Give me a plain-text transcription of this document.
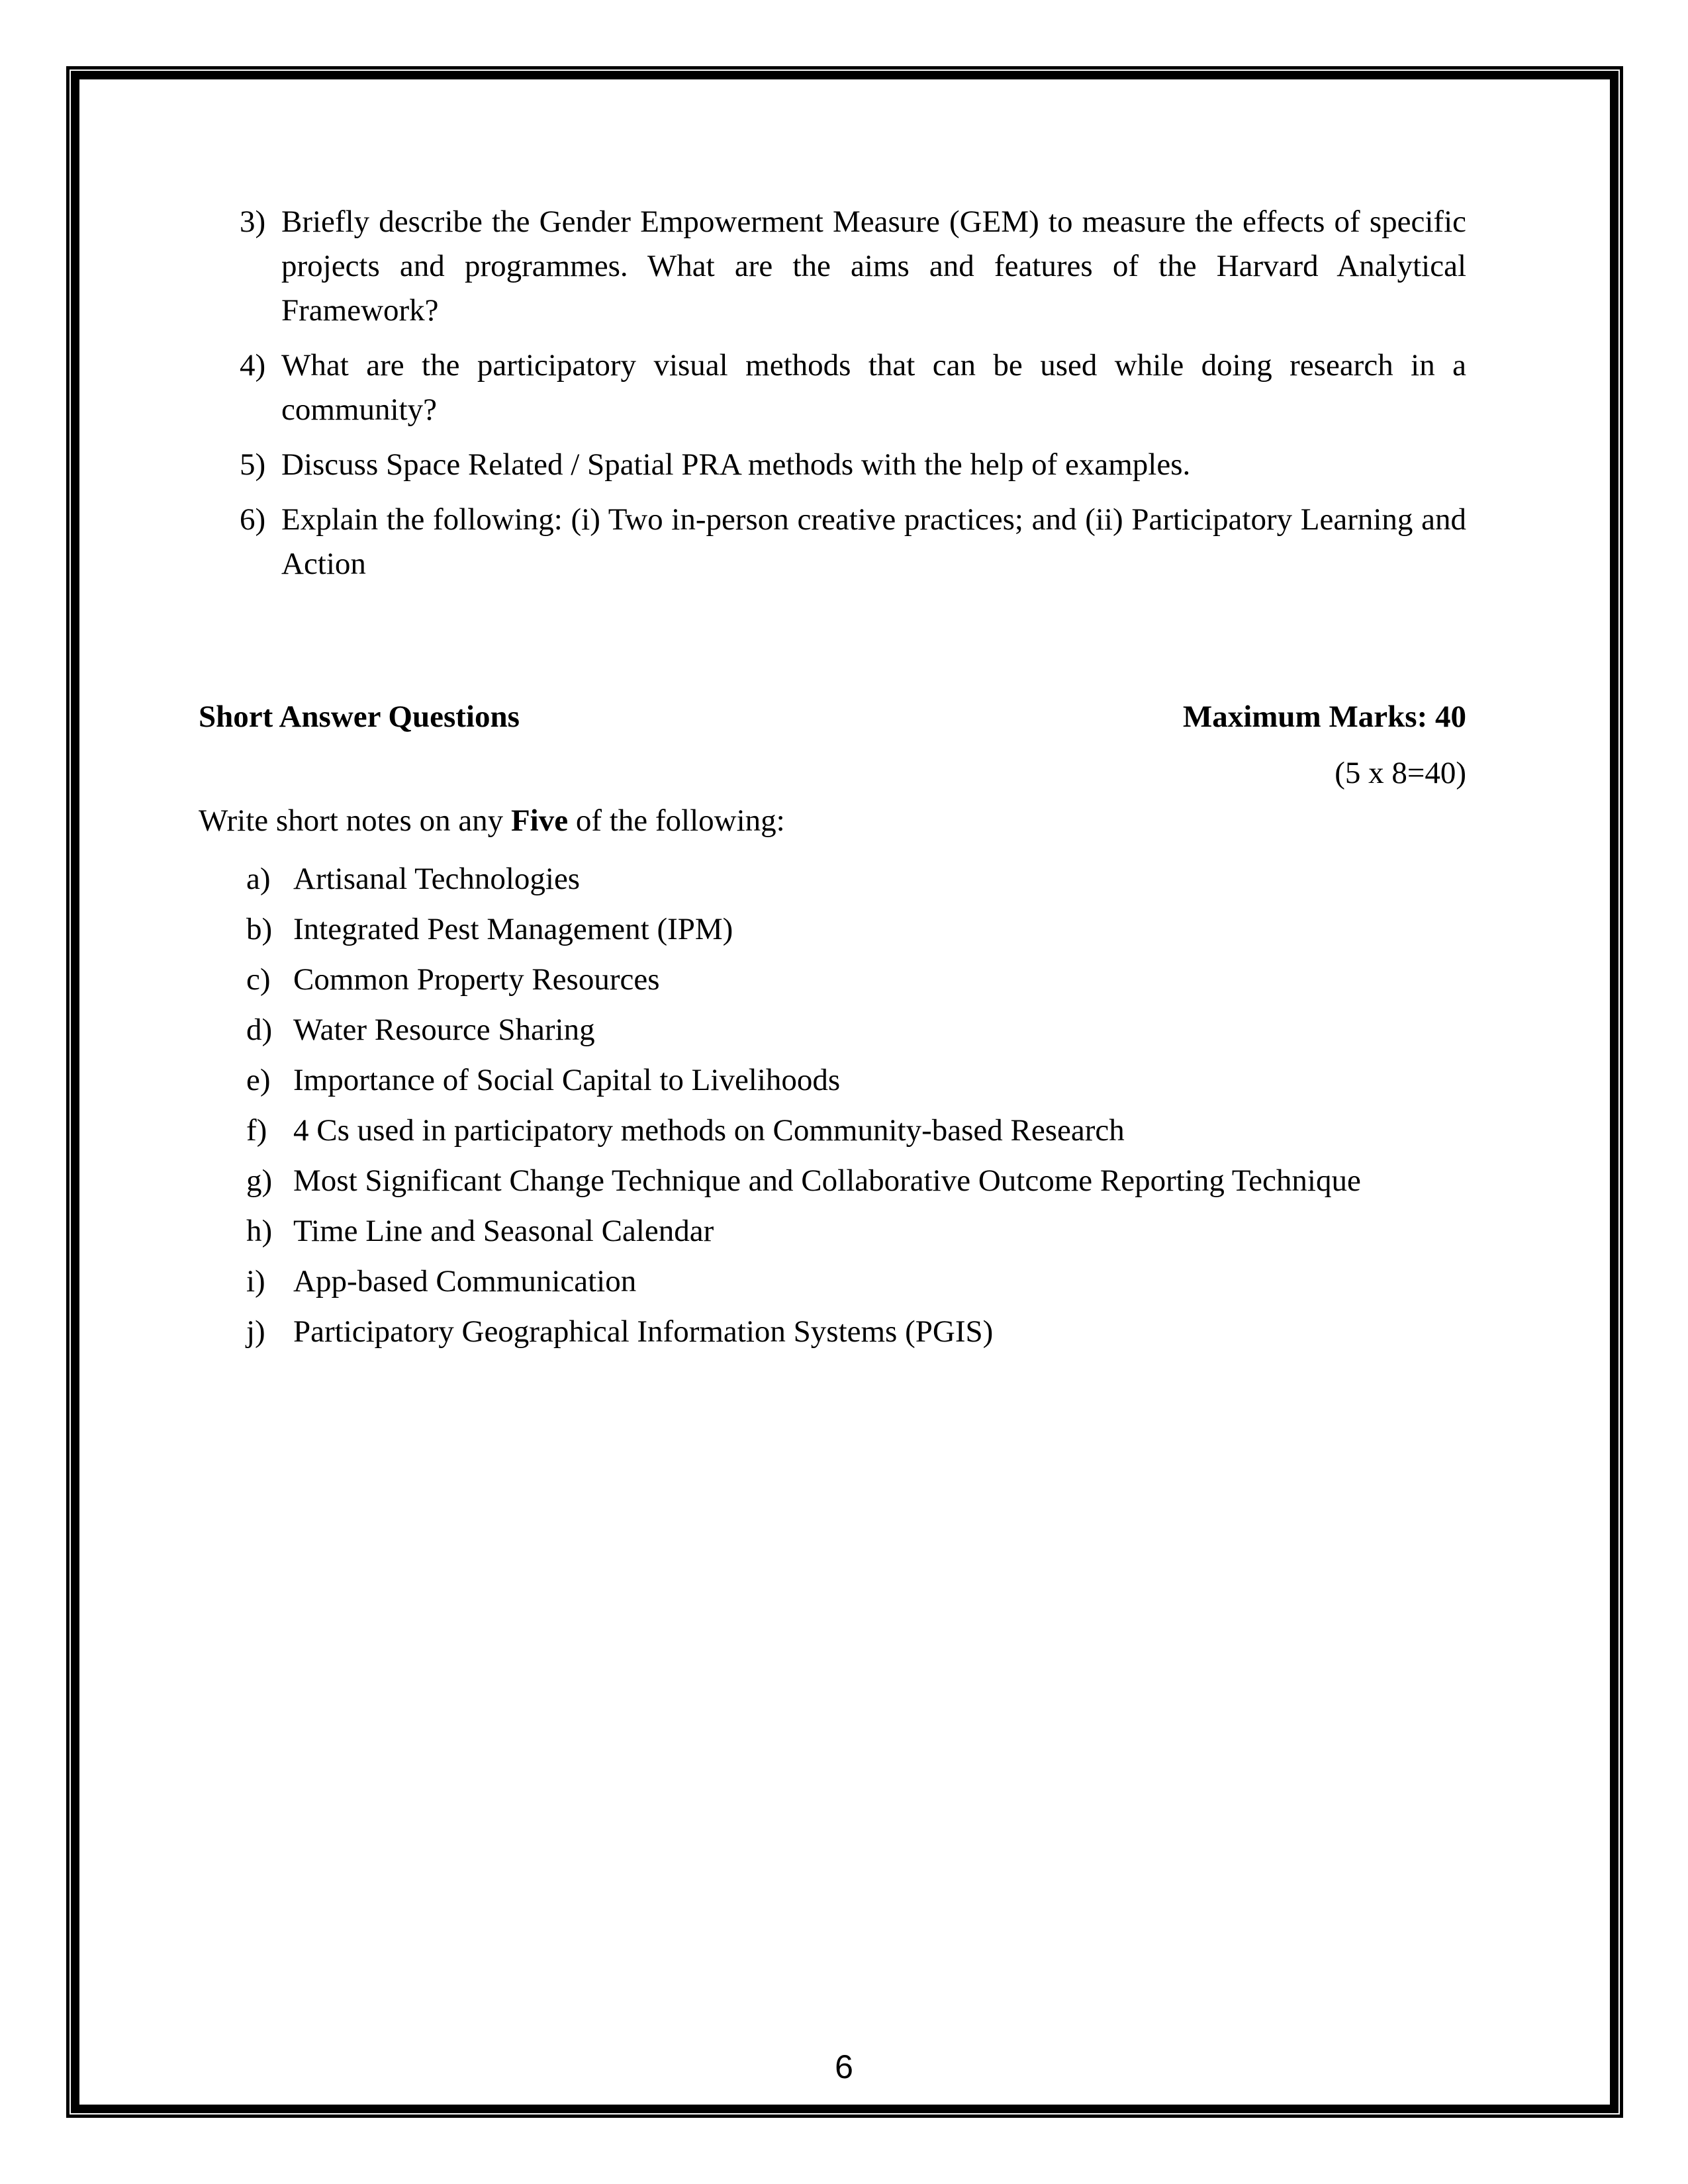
3) Briefly describe the Gender Empowerment Measure (GEM) to measure the effects of specific projects and programmes. What are the aims and features of the Harvard Analytical Framework?
4) What are the participatory visual methods that can be used while doing research in a community?
5) Discuss Space Related / Spatial PRA methods with the help of examples.
6) Explain the following: (i) Two in-person creative practices; and (ii) Participatory Learning and Action
Short Answer Questions	Maximum Marks: 40
(5 x 8=40)

Write short notes on any Five of the following:

a) Artisanal Technologies
b) Integrated Pest Management (IPM)
c) Common Property Resources
d) Water Resource Sharing
e) Importance of Social Capital to Livelihoods
f) 4 Cs used in participatory methods on Community-based Research
g) Most Significant Change Technique and Collaborative Outcome Reporting Technique
h) Time Line and Seasonal Calendar
i) App-based Communication
j) Participatory Geographical Information Systems (PGIS)
6
